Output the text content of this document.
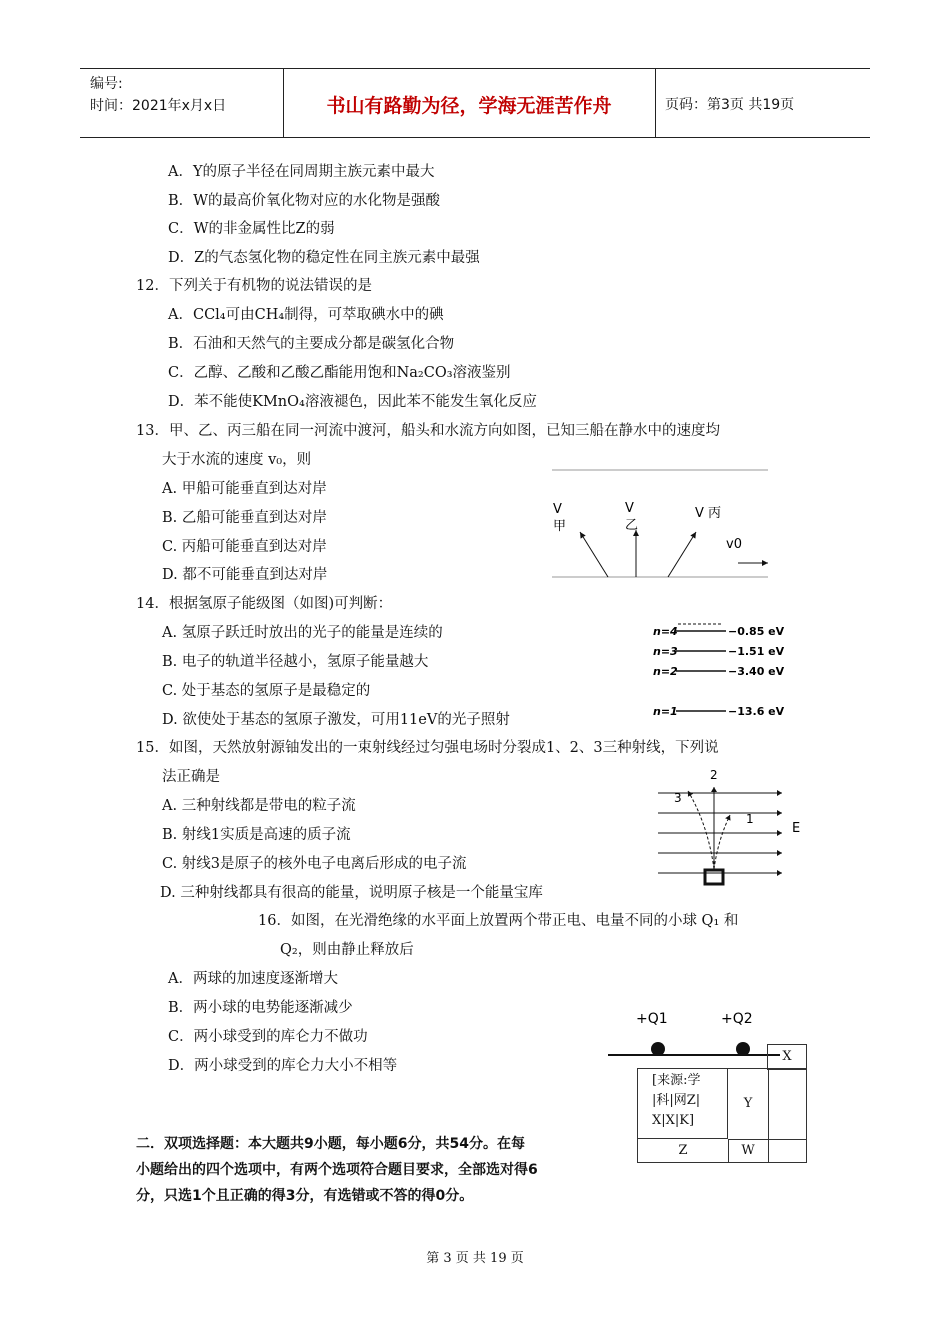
编号:
时间：2021年x月x日	书山有路勤为径，学海无涯苦作舟	页码：第3页 共19页
A．Y的原子半径在同周期主族元素中最大
B．W的最高价氧化物对应的水化物是强酸
C．W的非金属性比Z的弱
D．Z的气态氢化物的稳定性在同主族元素中最强
12．下列关于有机物的说法错误的是
A．CCl₄可由CH₄制得，可萃取碘水中的碘
B．石油和天然气的主要成分都是碳氢化合物
C．乙醇、乙酸和乙酸乙酯能用饱和Na₂CO₃溶液鉴别
D．苯不能使KMnO₄溶液褪色，因此苯不能发生氧化反应
13．甲、乙、丙三船在同一河流中渡河，船头和水流方向如图，已知三船在静水中的速度均
大于水流的速度 v₀，则
A. 甲船可能垂直到达对岸
B. 乙船可能垂直到达对岸
C. 丙船可能垂直到达对岸
D. 都不可能垂直到达对岸
V
甲
V
乙
V 丙
v0
14．根据氢原子能级图（如图)可判断：
A. 氢原子跃迁时放出的光子的能量是连续的
B. 电子的轨道半径越小，氢原子能量越大
C. 处于基态的氢原子是最稳定的
D. 欲使处于基态的氢原子激发，可用11eV的光子照射
n=4	−0.85 eV
n=3	−1.51 eV
n=2	−3.40 eV
n=1	−13.6 eV
15．如图，天然放射源铀发出的一束射线经过匀强电场时分裂成1、2、3三种射线，下列说
法正确是
A. 三种射线都是带电的粒子流
B. 射线1实质是高速的质子流
C. 射线3是原子的核外电子电离后形成的电子流
D. 三种射线都具有很高的能量，说明原子核是一个能量宝库
2
3
1
E
16．如图，在光滑绝缘的水平面上放置两个带正电、电量不同的小球 Q₁ 和
Q₂，则由静止释放后
A．两球的加速度逐渐增大
B．两小球的电势能逐渐减少
C．两小球受到的库仑力不做功
D．两小球受到的库仑力大小不相等
+Q1	+Q2
X
[来源:学
|科|网Z|
X|X|K]
Y
Z	W
二．双项选择题：本大题共9小题，每小题6分，共54分。在每
小题给出的四个选项中，有两个选项符合题目要求，全部选对得6
分，只选1个且正确的得3分，有选错或不答的得0分。
第 3 页 共 19 页
